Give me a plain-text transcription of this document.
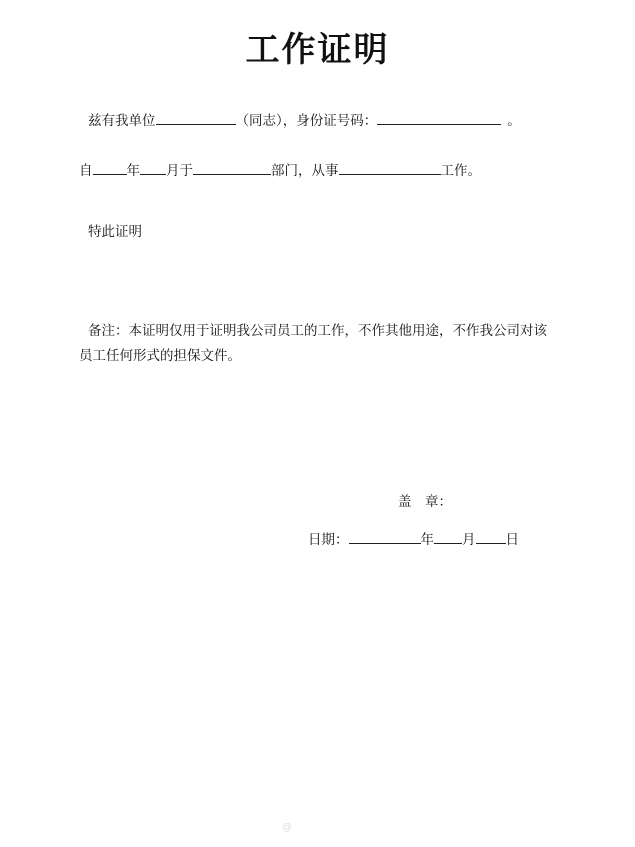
工作证明
兹有我单位	（同志），身份证号码：	。
自	年 月于	部门，从事	工作。
特此证明
备注：本证明仅用于证明我公司员工的工作，不作其他用途，不作我公司对该员工任何形式的担保文件。
盖　章：
日期：	年 月 日
@
